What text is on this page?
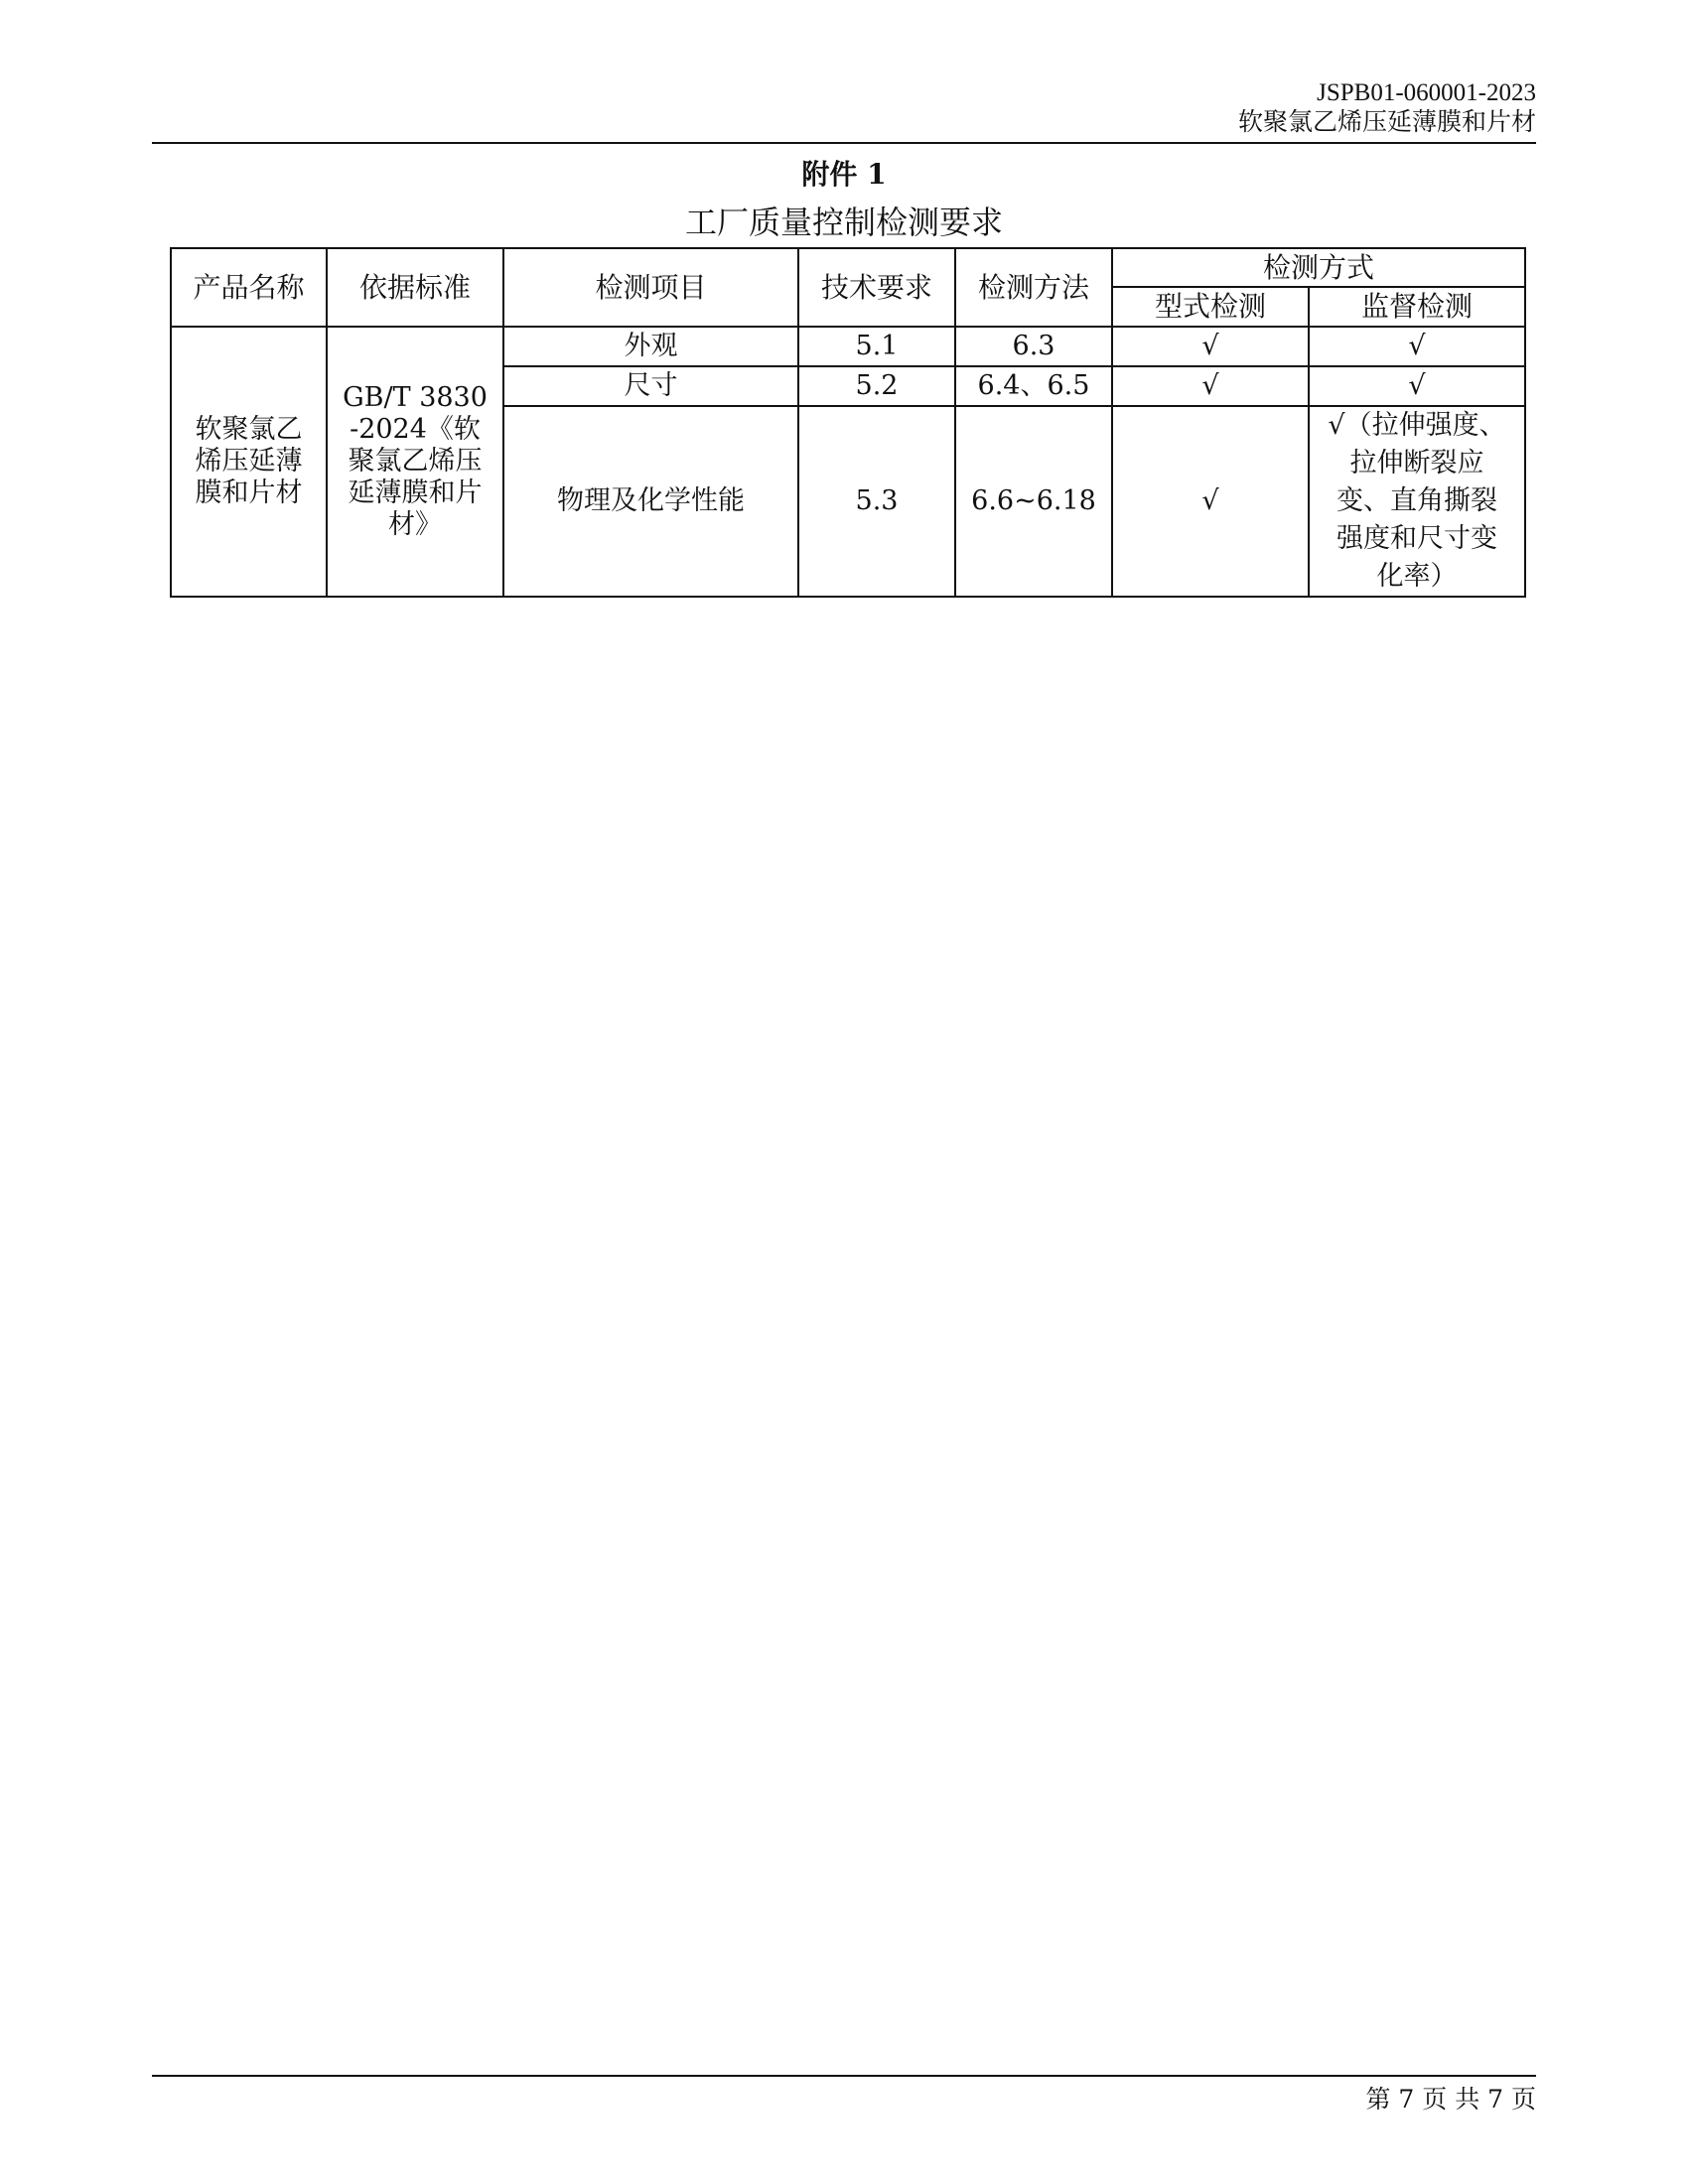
JSPB01-060001-2023
软聚氯乙烯压延薄膜和片材
附件 1
工厂质量控制检测要求
产品名称	依据标准	检测项目	技术要求	检测方法	检测方式	
					型式检测	监督检测

软聚氯乙烯压延薄膜和片材	GB/T 3830-2024《软聚氯乙烯压延薄膜和片材》	外观	5.1	6.3	√	√
		尺寸	5.2	6.4、6.5	√	√
		物理及化学性能	5.3	6.6~6.18	√	√（拉伸强度、拉伸断裂应变、直角撕裂强度和尺寸变化率）
第 7 页 共 7 页
